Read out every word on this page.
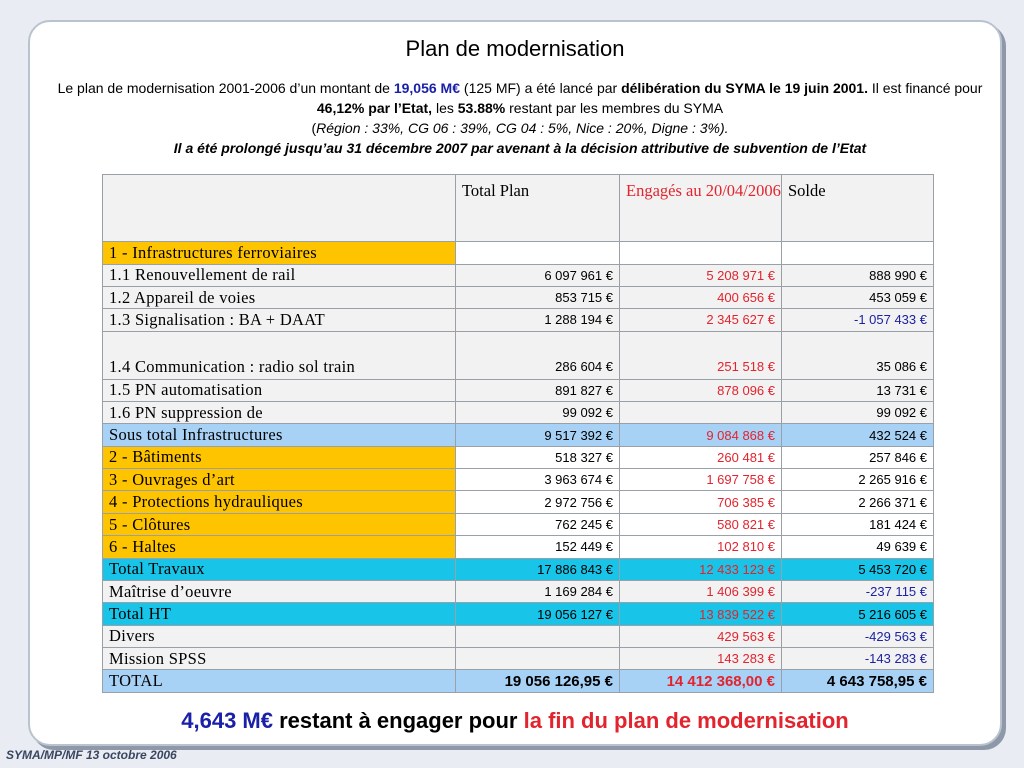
Plan de modernisation
Le plan de modernisation 2001-2006 d’un montant de 19,056 M€ (125 MF) a été lancé par délibération du SYMA le 19 juin 2001. Il est financé pour 46,12% par l’Etat, les 53.88% restant par les membres du SYMA
(Région : 33%, CG 06 : 39%, CG 04 : 5%, Nice : 20%, Digne : 3%).
Il a été prolongé jusqu’au 31 décembre 2007 par avenant à la décision attributive de subvention de l’Etat
	Total Plan	Engagés au 20/04/2006	Solde
1 - Infrastructures ferroviaires			
1.1 Renouvellement de rail	6 097 961 €	5 208 971 €	888 990 €
1.2 Appareil de voies	853 715 €	400 656 €	453 059 €
1.3 Signalisation : BA + DAAT	1 288 194 €	2 345 627 €	-1 057 433 €
1.4 Communication : radio sol train	286 604 €	251 518 €	35 086 €
1.5 PN automatisation	891 827 €	878 096 €	13 731 €
1.6 PN suppression de	99 092 €		99 092 €
Sous total Infrastructures	9 517 392 €	9 084 868 €	432 524 €
2 - Bâtiments	518 327 €	260 481 €	257 846 €
3 - Ouvrages d’art	3 963 674 €	1 697 758 €	2 265 916 €
4 - Protections hydrauliques	2 972 756 €	706 385 €	2 266 371 €
5 - Clôtures	762 245 €	580 821 €	181 424 €
6 - Haltes	152 449 €	102 810 €	49 639 €
Total Travaux	17 886 843 €	12 433 123 €	5 453 720 €
Maîtrise d’oeuvre	1 169 284 €	1 406 399 €	-237 115 €
Total HT	19 056 127 €	13 839 522 €	5 216 605 €
Divers		429 563 €	-429 563 €
Mission SPSS		143 283 €	-143 283 €
TOTAL	19 056 126,95 €	14 412 368,00 €	4 643 758,95 €
4,643 M€ restant à engager pour la fin du plan de modernisation
SYMA/MP/MF 13 octobre 2006
